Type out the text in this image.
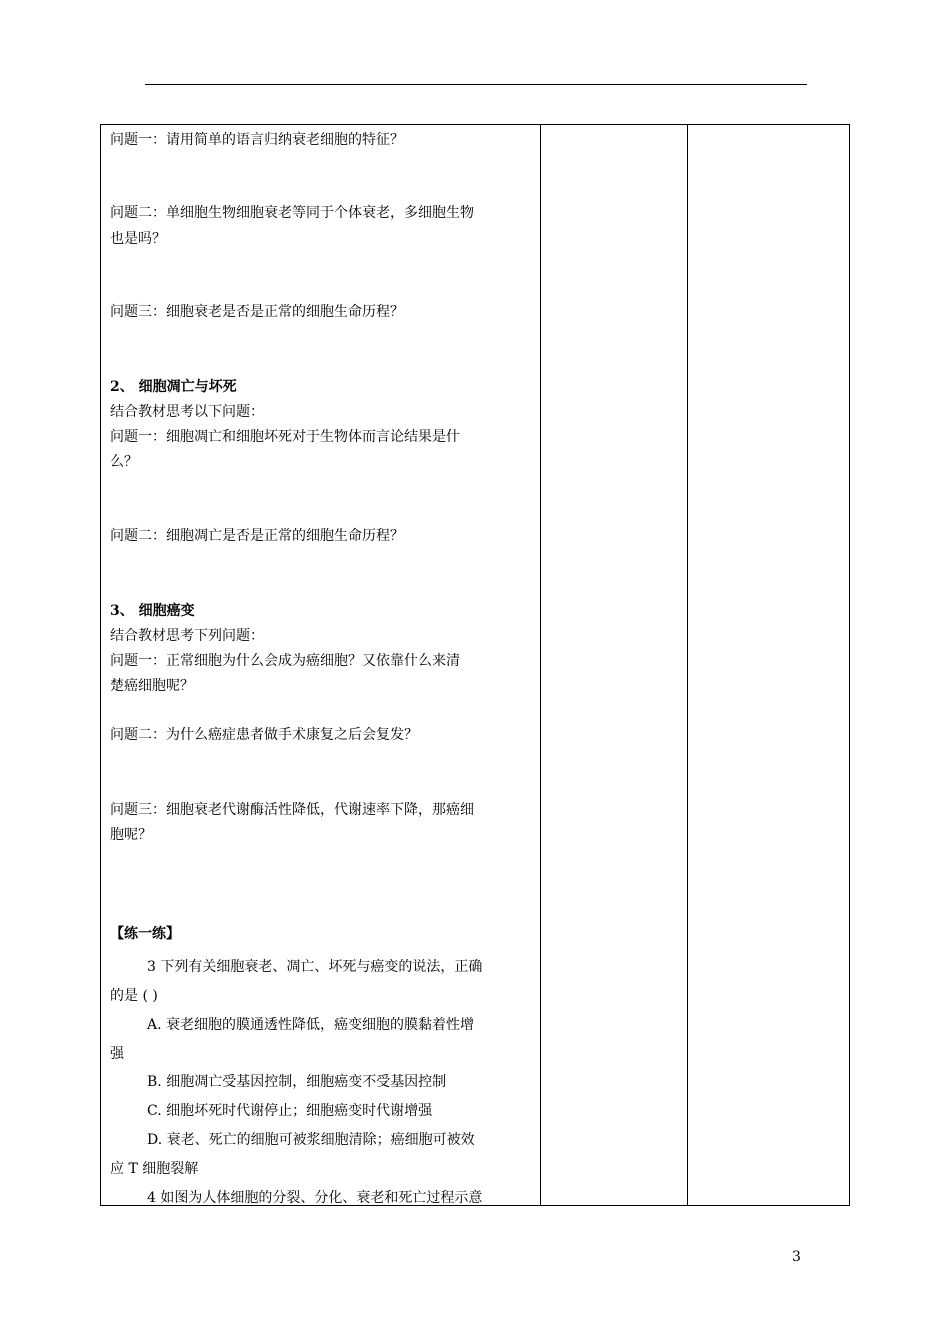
问题一：请用简单的语言归纳衰老细胞的特征？
问题二：单细胞生物细胞衰老等同于个体衰老，多细胞生物
也是吗？
问题三：细胞衰老是否是正常的细胞生命历程？
2、 细胞凋亡与坏死
结合教材思考以下问题：
问题一：细胞凋亡和细胞坏死对于生物体而言论结果是什
么？
问题二：细胞凋亡是否是正常的细胞生命历程？
3、 细胞癌变
结合教材思考下列问题：
问题一：正常细胞为什么会成为癌细胞？又依靠什么来清
楚癌细胞呢？
问题二：为什么癌症患者做手术康复之后会复发？
问题三：细胞衰老代谢酶活性降低，代谢速率下降，那癌细
胞呢？
【练一练】
3 下列有关细胞衰老、凋亡、坏死与癌变的说法，正确
的是 ( )
A. 衰老细胞的膜通透性降低，癌变细胞的膜黏着性增
强
B. 细胞凋亡受基因控制，细胞癌变不受基因控制
C. 细胞坏死时代谢停止；细胞癌变时代谢增强
D. 衰老、死亡的细胞可被浆细胞清除；癌细胞可被效
应 T 细胞裂解
4 如图为人体细胞的分裂、分化、衰老和死亡过程示意
3
